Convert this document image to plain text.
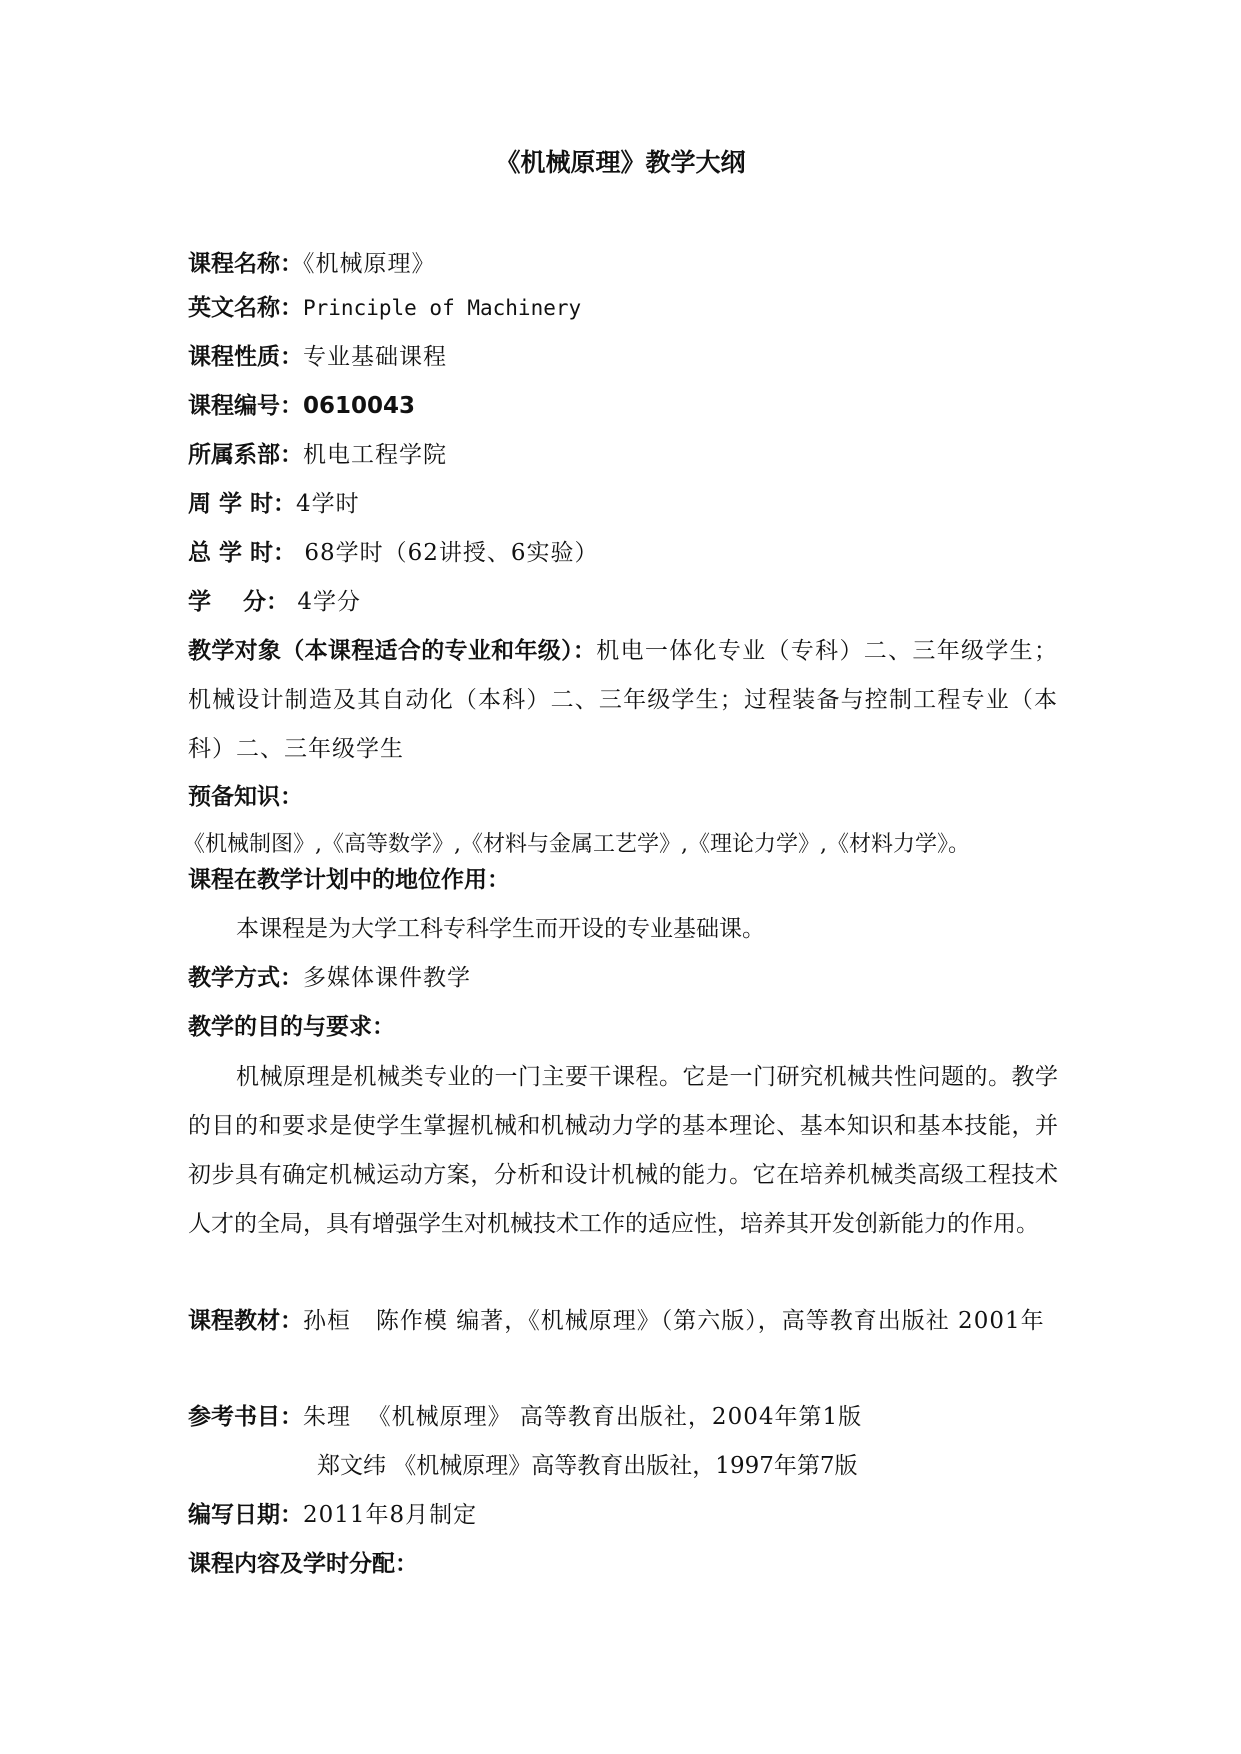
《机械原理》教学大纲
课程名称：《机械原理》
英文名称：Principle of Machinery
课程性质：专业基础课程
课程编号：0610043
所属系部：机电工程学院
周 学 时：4学时
总 学 时： 68学时（62讲授、6实验）
学    分： 4学分
教学对象（本课程适合的专业和年级）：机电一体化专业（专科）二、三年级学生；机械设计制造及其自动化（本科）二、三年级学生；过程装备与控制工程专业（本科）二、三年级学生
预备知识：
《机械制图》,《高等数学》,《材料与金属工艺学》,《理论力学》,《材料力学》。
课程在教学计划中的地位作用：
本课程是为大学工科专科学生而开设的专业基础课。
教学方式：多媒体课件教学
教学的目的与要求：
机械原理是机械类专业的一门主要干课程。它是一门研究机械共性问题的。教学的目的和要求是使学生掌握机械和机械动力学的基本理论、基本知识和基本技能，并初步具有确定机械运动方案，分析和设计机械的能力。它在培养机械类高级工程技术人才的全局，具有增强学生对机械技术工作的适应性，培养其开发创新能力的作用。
课程教材：孙桓   陈作模 编著，《机械原理》（第六版），高等教育出版社 2001年
参考书目：朱理  《机械原理》 高等教育出版社，2004年第1版
郑文纬 《机械原理》高等教育出版社，1997年第7版
编写日期：2011年8月制定
课程内容及学时分配：
